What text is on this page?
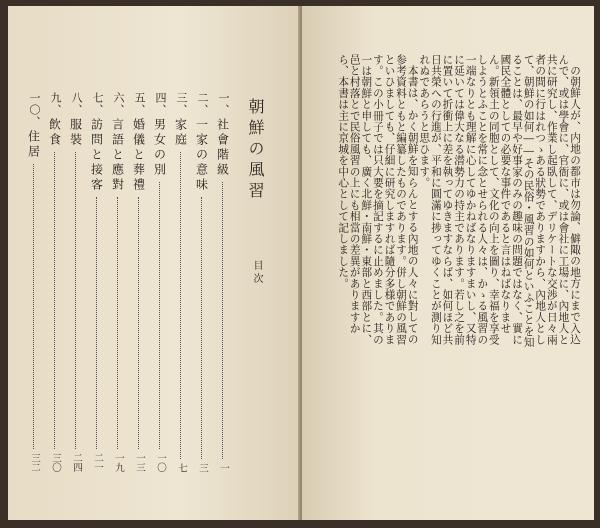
一、
社會階級
一
二、
一家の意味
三
三、
家庭
七
四、
男女の別
一〇
五、
婚儀と葬禮
一三
六、
言語と應對
一九
七、
訪問と接客
二一
八、
服裝
二四
九、
飲食
三〇
一〇、
住居
三二
朝鮮の風習
目次	の朝鮮人が、内地の都市は勿論、僻陬の地方にまで入込んで、或は學會に、官衙に、或は會社に工場に、內地人と共に研究し、作業し起臥して、デリケートな交渉が日々兩者の間に行はれつゝある狀勢でありますから、內地人として、朝鮮の如何――その民俗・風習の如何といふことを知ることは、最早や好事家のみの趣味の問題ではなく、實に國民全體としての必要な事件であると言はねばなりません。新領土の同胞として、文化の向上を圖り、幸福を享受しようとふことを常に念とせられる人々は、かゝる風習の一端なりとも理解に心してゆかねばなりますまいし、又特に延いては偉大なる潜勢力の持主であります。若し之を前に置いて折衝上に差を執ってゆきますならば、如何ほど共日共榮への行進が、平和に圓滿に捗ってゆくことが測り知れぬであらうと思ひます。

本書は、かく朝鮮を知らんとする內地の人々に對しての参考資料ともと編纂したものであります。併し朝鮮の風習といひましても、仔細に研究しますれば隨分多様であります。この小冊子では只大要を摘記するに止めました。其の一は朝鮮と申しても、廣く北鮮・南鮮・東部と西部とに、邑と村落とで民俗風習の上にも相當の差異がありますから、本書は主に京城を中心として記しました。
